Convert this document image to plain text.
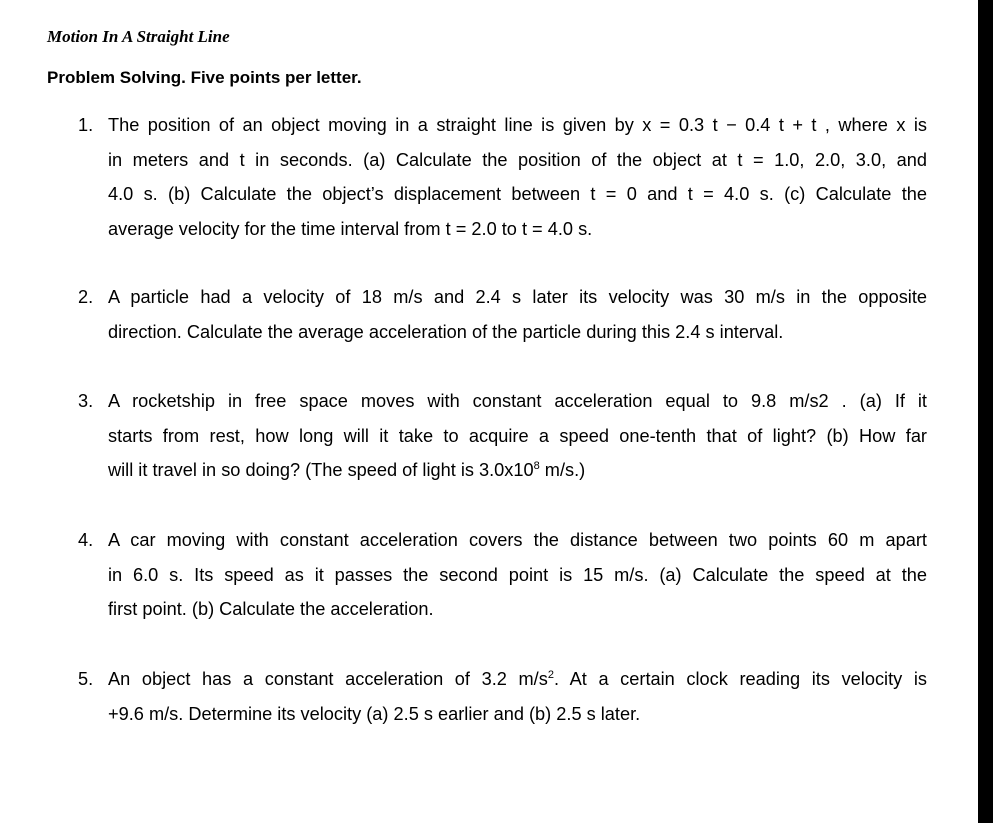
Motion In A Straight Line
Problem Solving. Five points per letter.
1. The position of an object moving in a straight line is given by x = 0.3 t − 0.4 t + t , where x is
in meters and t in seconds. (a) Calculate the position of the object at t = 1.0, 2.0, 3.0, and
4.0 s. (b) Calculate the object’s displacement between t = 0 and t = 4.0 s. (c) Calculate the
average velocity for the time interval from t = 2.0 to t = 4.0 s.
2. A particle had a velocity of 18 m/s and 2.4 s later its velocity was 30 m/s in the opposite
direction. Calculate the average acceleration of the particle during this 2.4 s interval.
3. A rocketship in free space moves with constant acceleration equal to 9.8 m/s2 . (a) If it
starts from rest, how long will it take to acquire a speed one-tenth that of light? (b) How far
will it travel in so doing? (The speed of light is $3.0x10^8$ m/s.)
4. A car moving with constant acceleration covers the distance between two points 60 m apart
in 6.0 s. Its speed as it passes the second point is 15 m/s. (a) Calculate the speed at the
first point. (b) Calculate the acceleration.
5. An object has a constant acceleration of 3.2 $m/s^2$. At a certain clock reading its velocity is
+9.6 m/s. Determine its velocity (a) 2.5 s earlier and (b) 2.5 s later.
